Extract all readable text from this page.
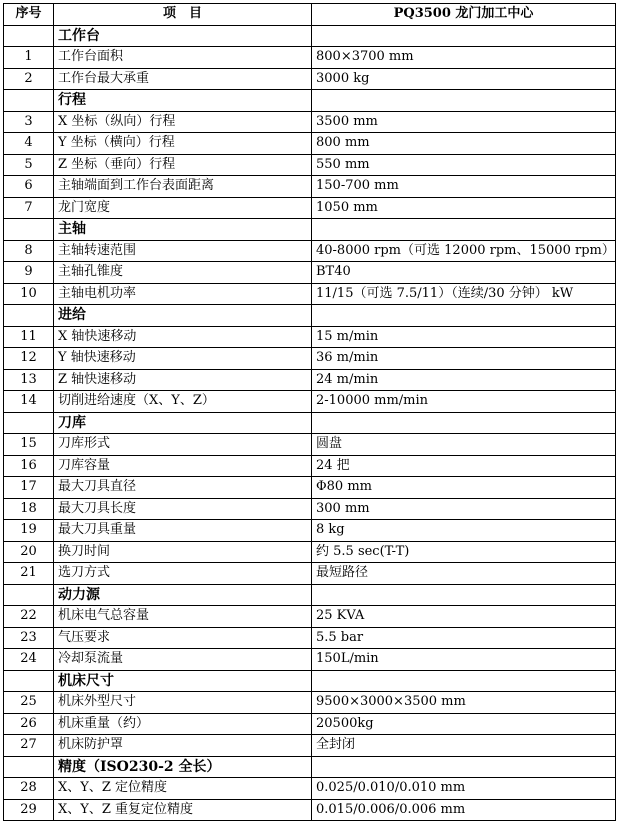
序号	项　目	PQ3500 龙门加工中心
	工作台	
1	工作台面积	800×3700 mm
2	工作台最大承重	3000 kg
	行程	
3	X 坐标（纵向）行程	3500 mm
4	Y 坐标（横向）行程	800 mm
5	Z 坐标（垂向）行程	550 mm
6	主轴端面到工作台表面距离	150-700 mm
7	龙门宽度	1050 mm
	主轴	
8	主轴转速范围	40-8000 rpm（可选 12000 rpm、15000 rpm）
9	主轴孔锥度	BT40
10	主轴电机功率	11/15（可选 7.5/11）（连续/30 分钟） kW
	进给	
11	X 轴快速移动	15 m/min
12	Y 轴快速移动	36 m/min
13	Z 轴快速移动	24 m/min
14	切削进给速度（X、Y、Z）	2-10000 mm/min
	刀库	
15	刀库形式	圆盘
16	刀库容量	24 把
17	最大刀具直径	Φ80 mm
18	最大刀具长度	300 mm
19	最大刀具重量	8 kg
20	换刀时间	约 5.5 sec(T-T)
21	选刀方式	最短路径
	动力源	
22	机床电气总容量	25 KVA
23	气压要求	5.5 bar
24	冷却泵流量	150L/min
	机床尺寸	
25	机床外型尺寸	9500×3000×3500 mm
26	机床重量（约）	20500kg
27	机床防护罩	全封闭
	精度（ISO230-2 全长）	
28	X、Y、Z 定位精度	0.025/0.010/0.010 mm
29	X、Y、Z 重复定位精度	0.015/0.006/0.006 mm
